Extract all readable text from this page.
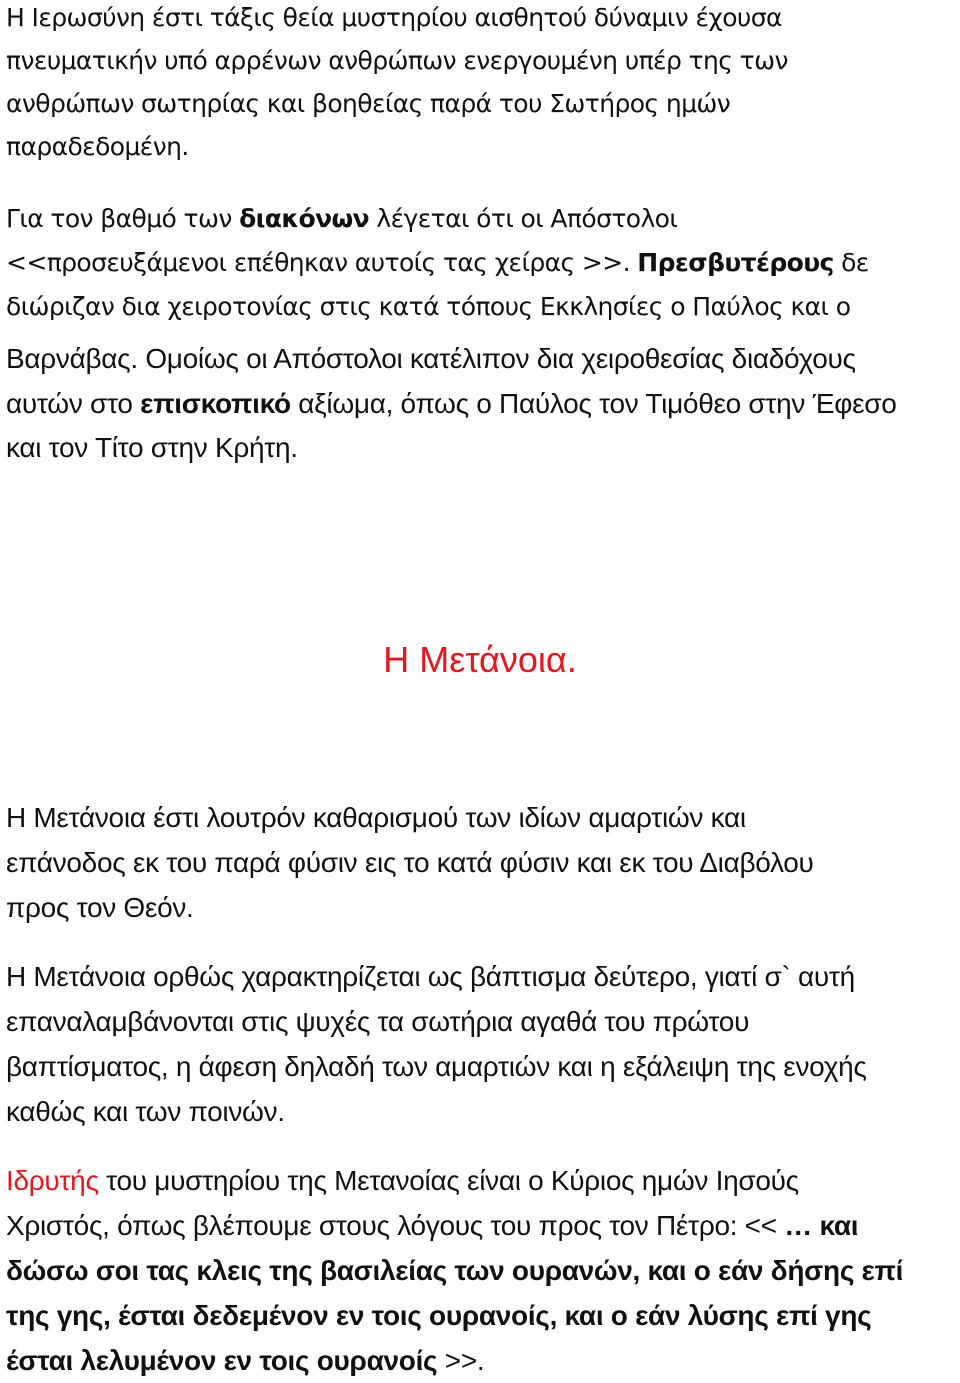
Η Ιερωσύνη έστι τάξις θεία μυστηρίου αισθητού δύναμιν έχουσα
πνευματικήν υπό αρρένων ανθρώπων ενεργουμένη υπέρ της των
ανθρώπων σωτηρίας και βοηθείας παρά του Σωτήρος ημών
παραδεδομένη.

Για τον βαθμό των διακόνων λέγεται ότι οι Απόστολοι
<<προσευξάμενοι επέθηκαν αυτοίς τας χείρας >>. Πρεσβυτέρους δε
διώριζαν δια χειροτονίας στις κατά τόπους Εκκλησίες ο Παύλος και ο

Βαρνάβας. Ομοίως οι Απόστολοι κατέλιπον δια χειροθεσίας διαδόχους
αυτών στο επισκοπικό αξίωμα, όπως ο Παύλος τον Τιμόθεο στην Έφεσο
και τον Τίτο στην Κρήτη.

Η Μετάνοια.

Η Μετάνοια έστι λουτρόν καθαρισμού των ιδίων αμαρτιών και
επάνοδος εκ του παρά φύσιν εις το κατά φύσιν και εκ του Διαβόλου
προς τον Θεόν.

Η Μετάνοια ορθώς χαρακτηρίζεται ως βάπτισμα δεύτερο, γιατί σ` αυτή
επαναλαμβάνονται στις ψυχές τα σωτήρια αγαθά του πρώτου
βαπτίσματος, η άφεση δηλαδή των αμαρτιών και η εξάλειψη της ενοχής
καθώς και των ποινών.

Ιδρυτής του μυστηρίου της Μετανοίας είναι ο Κύριος ημών Ιησούς
Χριστός, όπως βλέπουμε στους λόγους του προς τον Πέτρο: << … και
δώσω σοι τας κλεις της βασιλείας των ουρανών, και ο εάν δήσης επί
της γης, έσται δεδεμένον εν τοις ουρανοίς, και ο εάν λύσης επί γης
έσται λελυμένον εν τοις ουρανοίς >>.
